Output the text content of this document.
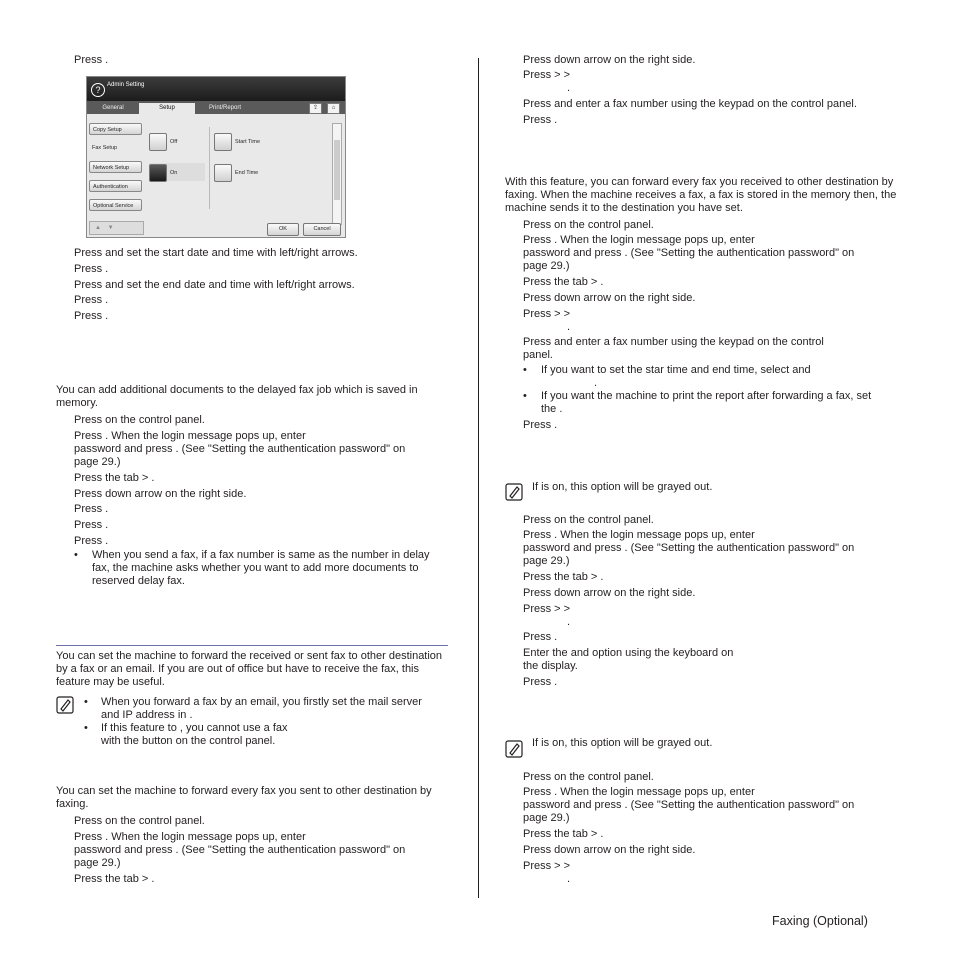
Press .
?	Admin Setting
General	Setup	Print/Report	⇪	⌂
Copy Setup
Fax Setup
Network Setup
Authentication
Optional Service
▲    ▼
Off
On
Start Time
End Time
OK	Cancel
Press and set the start date and time with left/right arrows.
Press .
Press and set the end date and time with left/right arrows.
Press .
Press .
You can add additional documents to the delayed fax job which is saved in memory.
Press on the control panel.
Press . When the login message pops up, enter
password and press . (See "Setting the authentication password" on
page 29.)
Press the tab > .
Press down arrow on the right side.
Press .
Press .
Press .
• When you send a fax, if a fax number is same as the number in delay fax, the machine asks whether you want to add more documents to reserved delay fax.
You can set the machine to forward the received or sent fax to other destination by a fax or an email. If you are out of office but have to receive the fax, this feature may be useful.
• When you forward a fax by an email, you firstly set the mail server
and IP address in .
• If this feature to , you cannot use a fax
with the button on the control panel.
You can set the machine to forward every fax you sent to other destination by faxing.
Press on the control panel.
Press . When the login message pops up, enter
password and press . (See "Setting the authentication password" on
page 29.)
Press the tab > .
Press down arrow on the right side.
Press > >
.
Press and enter a fax number using the keypad on the control panel.
Press .
With this feature, you can forward every fax you received to other destination by faxing. When the machine receives a fax, a fax is stored in the memory then, the machine sends it to the destination you have set.
Press on the control panel.
Press . When the login message pops up, enter
password and press . (See "Setting the authentication password" on
page 29.)
Press the tab > .
Press down arrow on the right side.
Press > >
.
Press and enter a fax number using the keypad on the control
panel.
• If you want to set the star time and end time, select and
.
• If you want the machine to print the report after forwarding a fax, set
the .
Press .
If is on, this option will be grayed out.
Press on the control panel.
Press . When the login message pops up, enter
password and press . (See "Setting the authentication password" on
page 29.)
Press the tab > .
Press down arrow on the right side.
Press > >
.
Press .
Enter the and option using the keyboard on
the display.
Press .
If is on, this option will be grayed out.
Press on the control panel.
Press . When the login message pops up, enter
password and press . (See "Setting the authentication password" on
page 29.)
Press the tab > .
Press down arrow on the right side.
Press > >
.
Faxing (Optional)
